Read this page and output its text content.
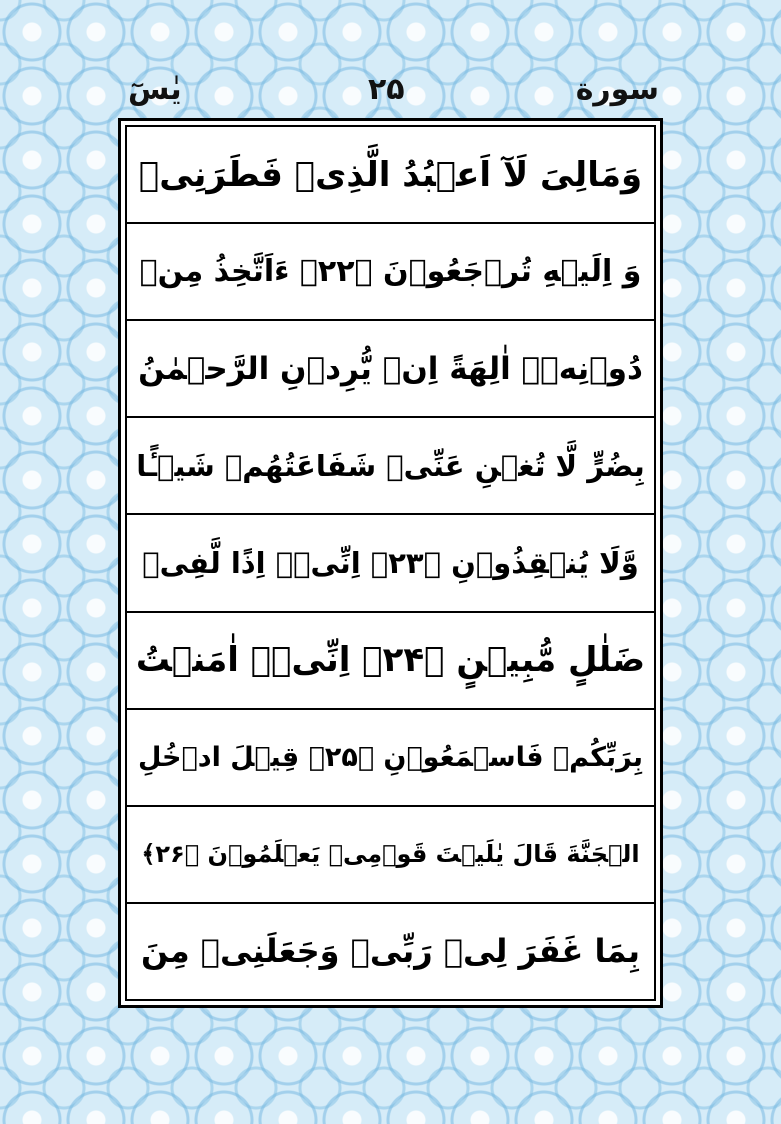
یٰسٓ	۲۵	سورة
وَمَالِیَ لَآ اَعۡبُدُ الَّذِیۡ فَطَرَنِیۡ
وَ اِلَیۡهِ تُرۡجَعُوۡنَ ﴿۲۲﴾ ءَاَتَّخِذُ مِنۡ
دُوۡنِهٖۤ اٰلِهَةً اِنۡ یُّرِدۡنِ الرَّحۡمٰنُ
بِضُرٍّ لَّا تُغۡنِ عَنِّیۡ شَفَاعَتُهُمۡ شَیۡـًٔا
وَّلَا یُنۡقِذُوۡنِ ﴿۲۳﴾ اِنِّیۡۤ اِذًا لَّفِیۡ
ضَلٰلٍ مُّبِیۡنٍ ﴿۲۴﴾ اِنِّیۡۤ اٰمَنۡتُ
بِرَبِّکُمۡ فَاسۡمَعُوۡنِ ﴿۲۵﴾ قِیۡلَ ادۡخُلِ
الۡجَنَّةَ قَالَ یٰلَیۡتَ قَوۡمِیۡ یَعۡلَمُوۡنَ ﴿۲۶﴾
بِمَا غَفَرَ لِیۡ رَبِّیۡ وَجَعَلَنِیۡ مِنَ
